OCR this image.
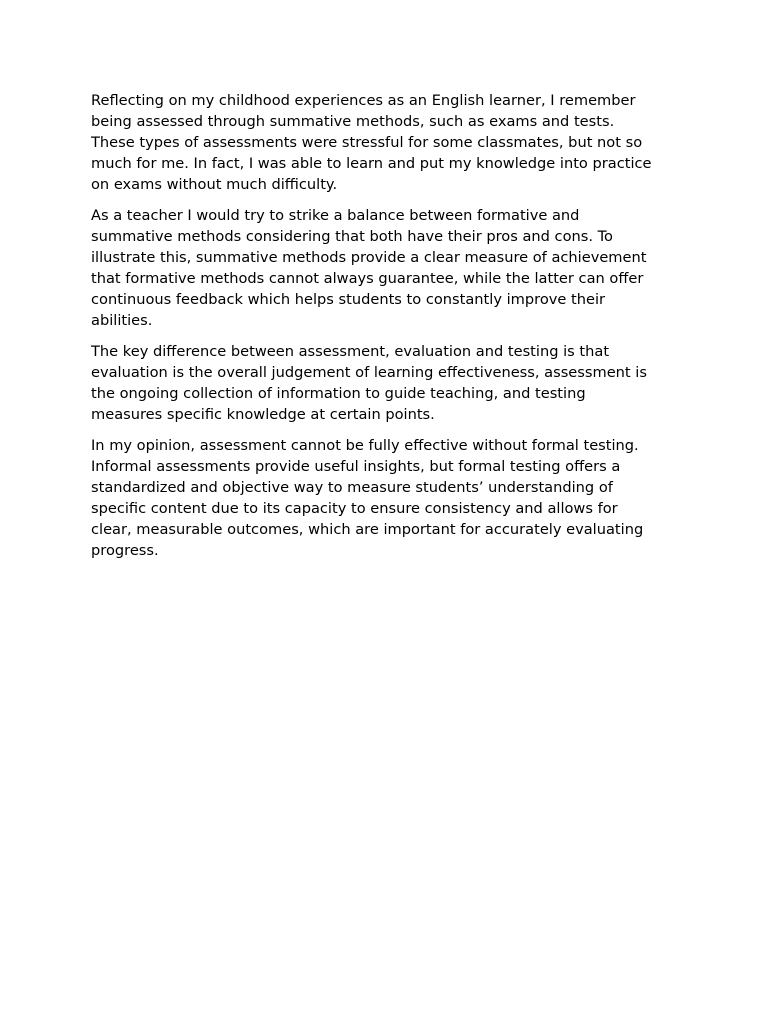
Reflecting on my childhood experiences as an English learner, I remember
being assessed through summative methods, such as exams and tests.
These types of assessments were stressful for some classmates, but not so
much for me. In fact, I was able to learn and put my knowledge into practice
on exams without much difficulty.

As a teacher I would try to strike a balance between formative and
summative methods considering that both have their pros and cons. To
illustrate this, summative methods provide a clear measure of achievement
that formative methods cannot always guarantee, while the latter can offer
continuous feedback which helps students to constantly improve their
abilities.

The key difference between assessment, evaluation and testing is that
evaluation is the overall judgement of learning effectiveness, assessment is
the ongoing collection of information to guide teaching, and testing
measures specific knowledge at certain points.

In my opinion, assessment cannot be fully effective without formal testing.
Informal assessments provide useful insights, but formal testing offers a
standardized and objective way to measure students’ understanding of
specific content due to its capacity to ensure consistency and allows for
clear, measurable outcomes, which are important for accurately evaluating
progress.
